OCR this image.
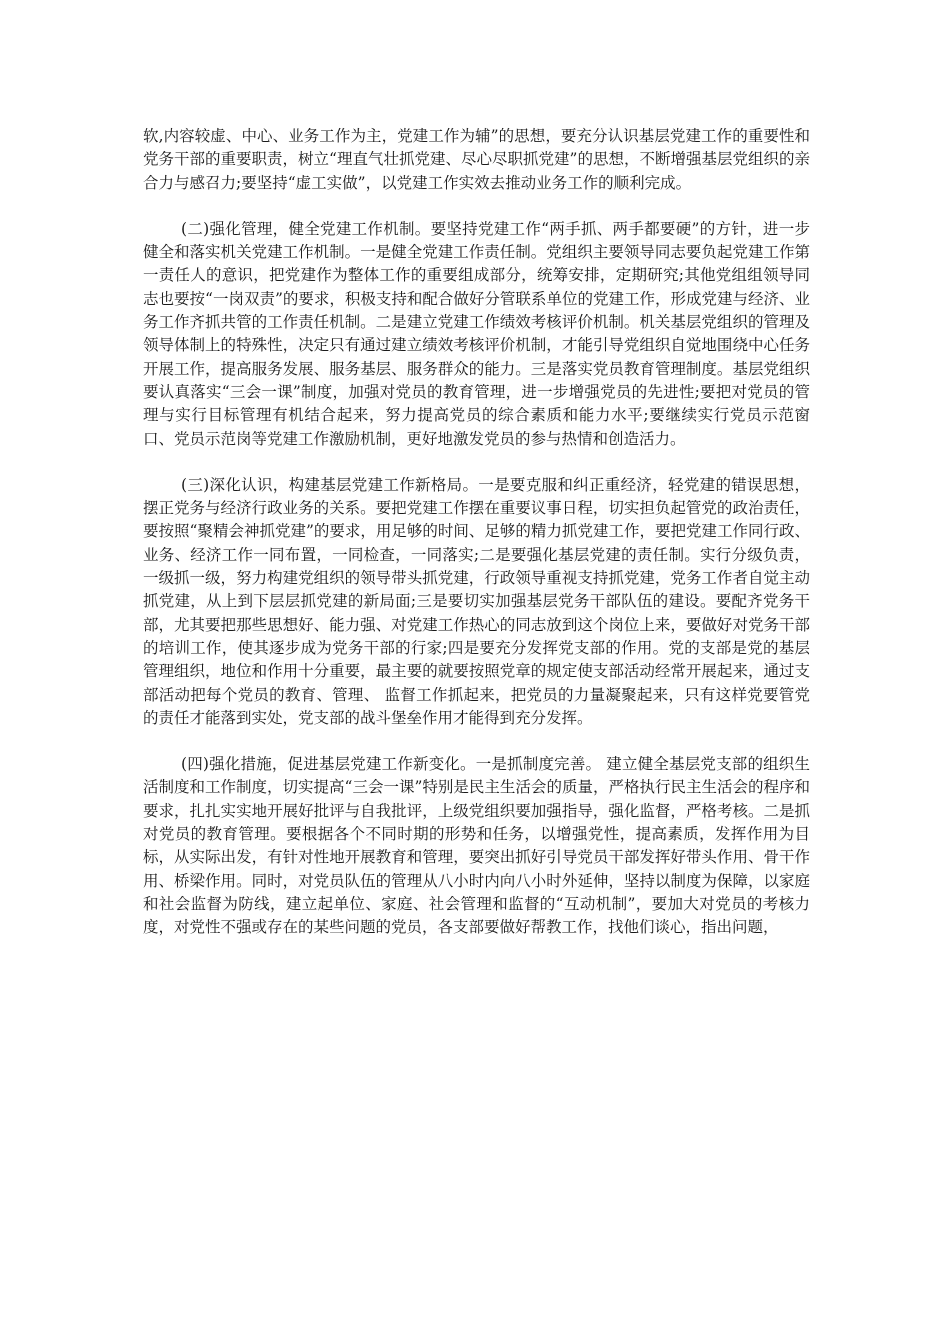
软,内容较虚、中心、业务工作为主，党建工作为辅”的思想，要充分认识基层党建工作的重要性和党务干部的重要职责，树立“理直气壮抓党建、尽心尽职抓党建”的思想，不断增强基层党组织的亲合力与感召力;要坚持“虚工实做”，以党建工作实效去推动业务工作的顺利完成。

(二)强化管理，健全党建工作机制。要坚持党建工作“两手抓、两手都要硬”的方针，进一步健全和落实机关党建工作机制。一是健全党建工作责任制。党组织主要领导同志要负起党建工作第一责任人的意识，把党建作为整体工作的重要组成部分，统筹安排，定期研究;其他党组组领导同志也要按“一岗双责”的要求，积极支持和配合做好分管联系单位的党建工作，形成党建与经济、业务工作齐抓共管的工作责任机制。二是建立党建工作绩效考核评价机制。机关基层党组织的管理及领导体制上的特殊性，决定只有通过建立绩效考核评价机制，才能引导党组织自觉地围绕中心任务开展工作，提高服务发展、服务基层、服务群众的能力。三是落实党员教育管理制度。基层党组织要认真落实“三会一课”制度，加强对党员的教育管理，进一步增强党员的先进性;要把对党员的管理与实行目标管理有机结合起来，努力提高党员的综合素质和能力水平;要继续实行党员示范窗口、党员示范岗等党建工作激励机制，更好地激发党员的参与热情和创造活力。

(三)深化认识，构建基层党建工作新格局。一是要克服和纠正重经济，轻党建的错误思想，摆正党务与经济行政业务的关系。要把党建工作摆在重要议事日程，切实担负起管党的政治责任，要按照“聚精会神抓党建”的要求，用足够的时间、足够的精力抓党建工作，要把党建工作同行政、业务、经济工作一同布置，一同检查，一同落实;二是要强化基层党建的责任制。实行分级负责，一级抓一级，努力构建党组织的领导带头抓党建，行政领导重视支持抓党建，党务工作者自觉主动抓党建，从上到下层层抓党建的新局面;三是要切实加强基层党务干部队伍的建设。要配齐党务干部，尤其要把那些思想好、能力强、对党建工作热心的同志放到这个岗位上来，要做好对党务干部的培训工作，使其逐步成为党务干部的行家;四是要充分发挥党支部的作用。党的支部是党的基层管理组织，地位和作用十分重要，最主要的就要按照党章的规定使支部活动经常开展起来，通过支部活动把每个党员的教育、管理、 监督工作抓起来，把党员的力量凝聚起来，只有这样党要管党的责任才能落到实处，党支部的战斗堡垒作用才能得到充分发挥。

(四)强化措施，促进基层党建工作新变化。一是抓制度完善。 建立健全基层党支部的组织生活制度和工作制度，切实提高“三会一课”特别是民主生活会的质量，严格执行民主生活会的程序和要求，扎扎实实地开展好批评与自我批评，上级党组织要加强指导，强化监督，严格考核。二是抓对党员的教育管理。要根据各个不同时期的形势和任务，以增强党性，提高素质，发挥作用为目标，从实际出发，有针对性地开展教育和管理，要突出抓好引导党员干部发挥好带头作用、骨干作用、桥梁作用。同时，对党员队伍的管理从八小时内向八小时外延伸，坚持以制度为保障，以家庭和社会监督为防线，建立起单位、家庭、社会管理和监督的“互动机制”，要加大对党员的考核力度，对党性不强或存在的某些问题的党员，各支部要做好帮教工作，找他们谈心，指出问题，
